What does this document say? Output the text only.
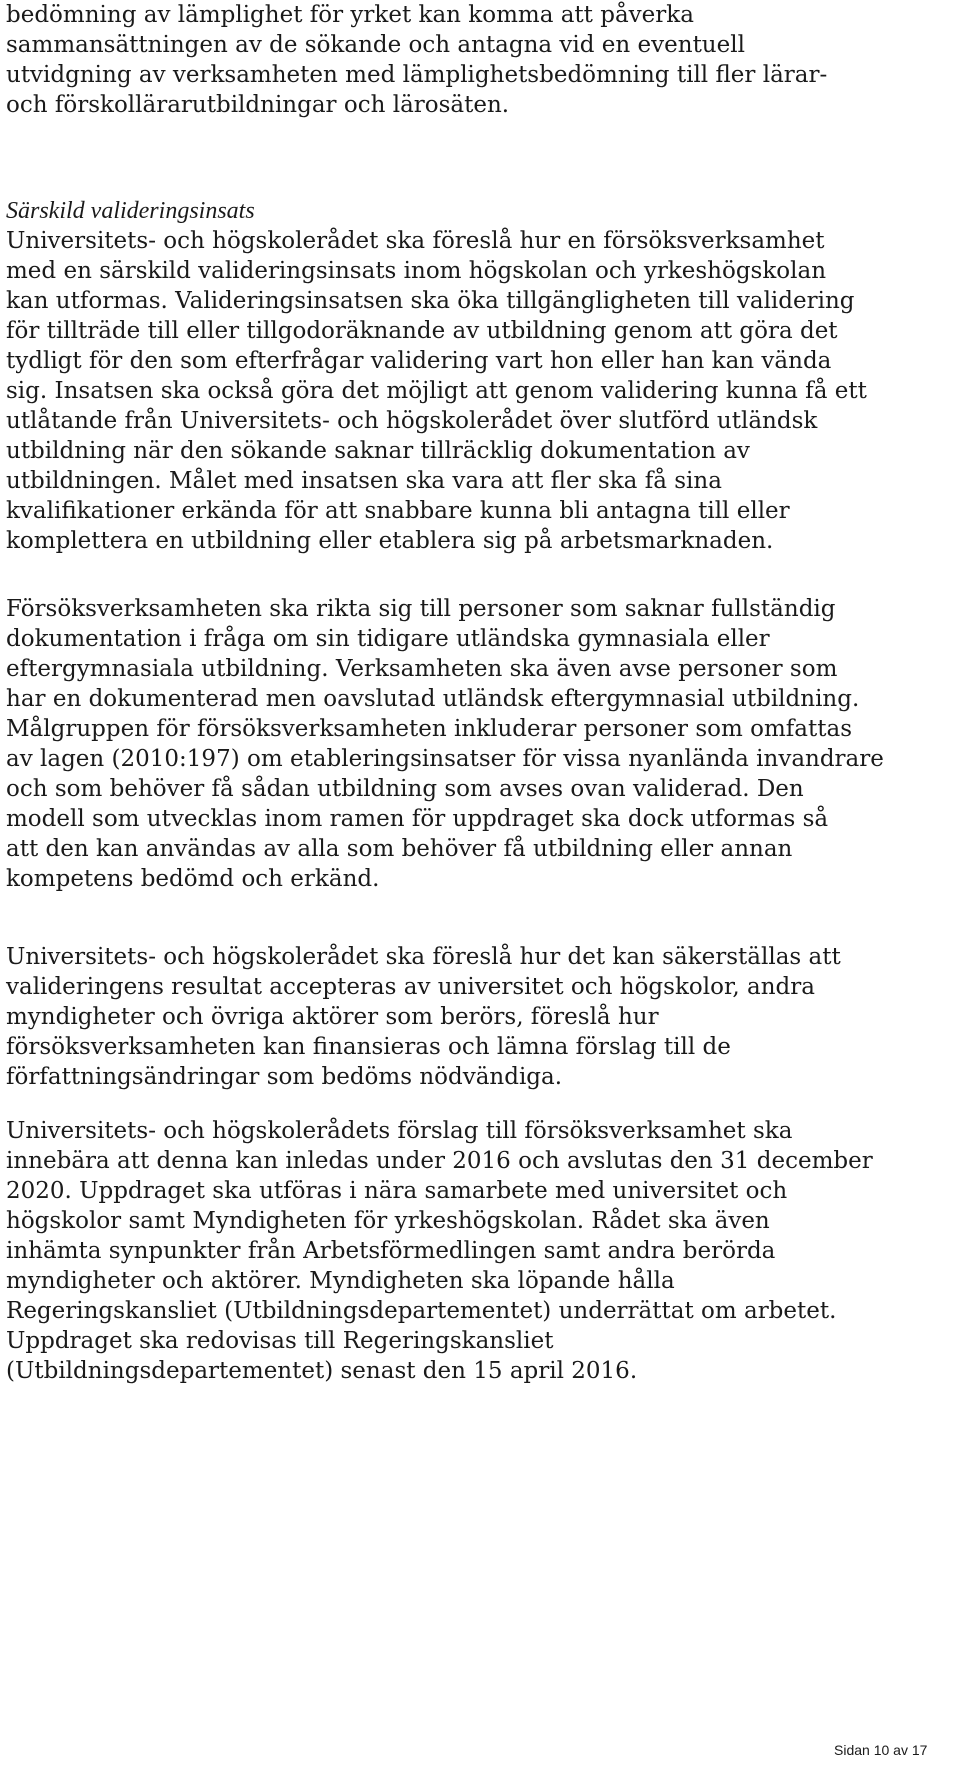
bedömning av lämplighet för yrket kan komma att påverka

sammansättningen av de sökande och antagna vid en eventuell

utvidgning av verksamheten med lämplighetsbedömning till fler lärar-

och förskollärarutbildningar och lärosäten.

Särskild valideringsinsats

Universitets- och högskolerådet ska föreslå hur en försöksverksamhet

med en särskild valideringsinsats inom högskolan och yrkeshögskolan

kan utformas. Valideringsinsatsen ska öka tillgängligheten till validering

för tillträde till eller tillgodoräknande av utbildning genom att göra det

tydligt för den som efterfrågar validering vart hon eller han kan vända

sig. Insatsen ska också göra det möjligt att genom validering kunna få ett

utlåtande från Universitets- och högskolerådet över slutförd utländsk

utbildning när den sökande saknar tillräcklig dokumentation av

utbildningen. Målet med insatsen ska vara att fler ska få sina

kvalifikationer erkända för att snabbare kunna bli antagna till eller

komplettera en utbildning eller etablera sig på arbetsmarknaden.

Försöksverksamheten ska rikta sig till personer som saknar fullständig

dokumentation i fråga om sin tidigare utländska gymnasiala eller

eftergymnasiala utbildning. Verksamheten ska även avse personer som

har en dokumenterad men oavslutad utländsk eftergymnasial utbildning.

Målgruppen för försöksverksamheten inkluderar personer som omfattas

av lagen (2010:197) om etableringsinsatser för vissa nyanlända invandrare

och som behöver få sådan utbildning som avses ovan validerad. Den

modell som utvecklas inom ramen för uppdraget ska dock utformas så

att den kan användas av alla som behöver få utbildning eller annan

kompetens bedömd och erkänd.

Universitets- och högskolerådet ska föreslå hur det kan säkerställas att

valideringens resultat accepteras av universitet och högskolor, andra

myndigheter och övriga aktörer som berörs, föreslå hur

försöksverksamheten kan finansieras och lämna förslag till de

författningsändringar som bedöms nödvändiga.

Universitets- och högskolerådets förslag till försöksverksamhet ska

innebära att denna kan inledas under 2016 och avslutas den 31 december

2020. Uppdraget ska utföras i nära samarbete med universitet och

högskolor samt Myndigheten för yrkeshögskolan. Rådet ska även

inhämta synpunkter från Arbetsförmedlingen samt andra berörda

myndigheter och aktörer. Myndigheten ska löpande hålla

Regeringskansliet (Utbildningsdepartementet) underrättat om arbetet.

Uppdraget ska redovisas till Regeringskansliet

(Utbildningsdepartementet) senast den 15 april 2016.

Sidan 10 av 17
